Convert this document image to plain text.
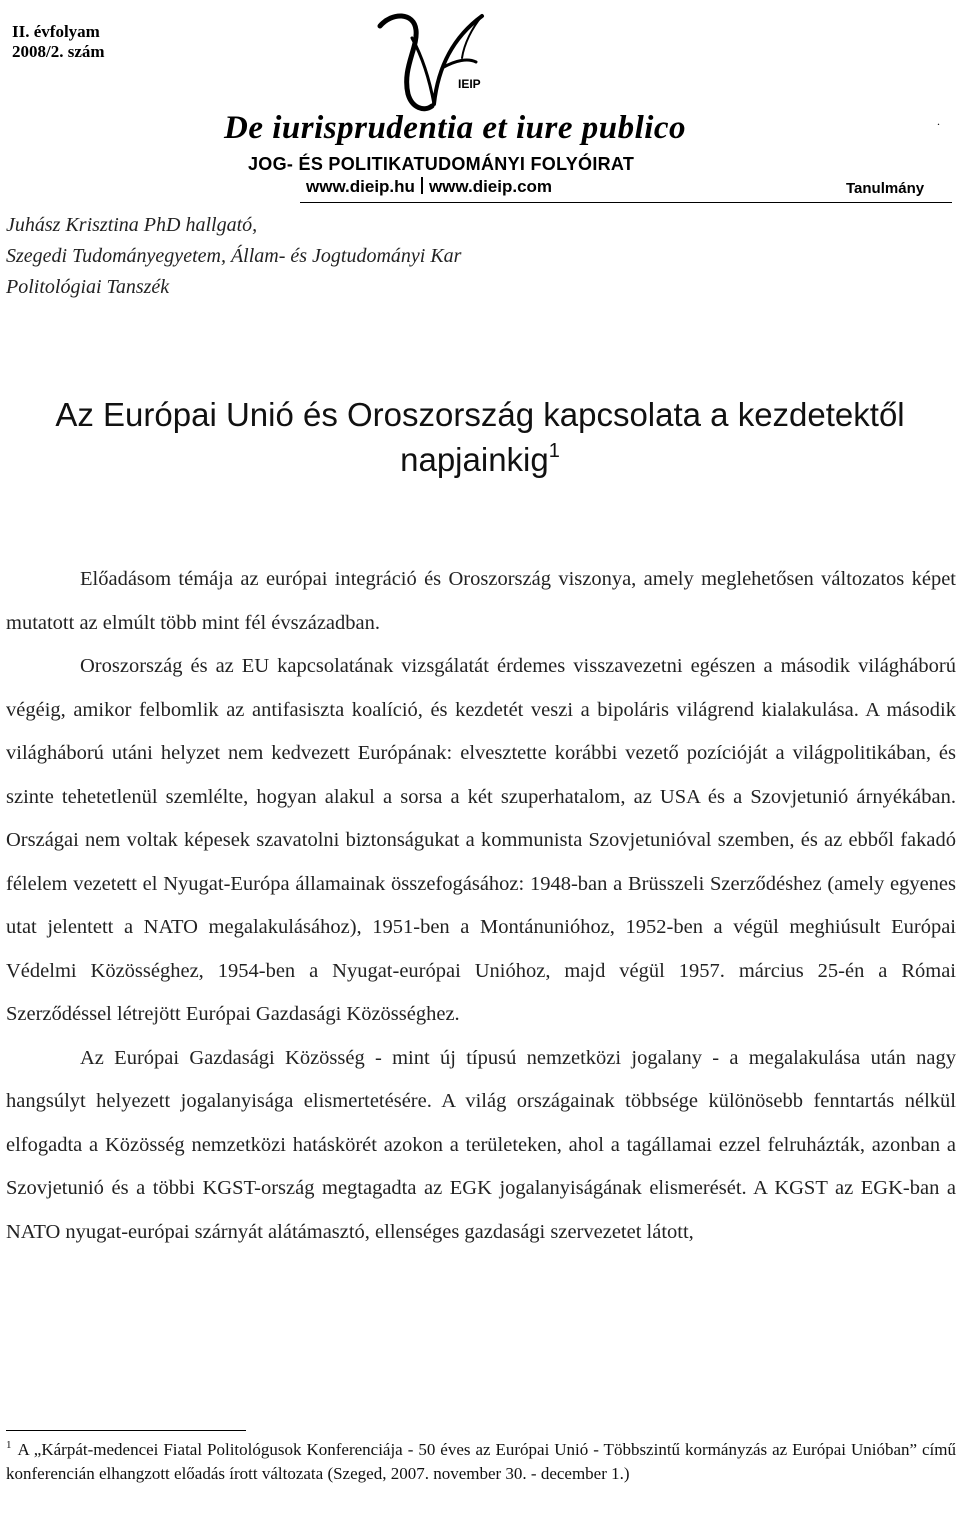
II. évfolyam
2008/2. szám
IEIP
De iurisprudentia et iure publico
JOG- ÉS POLITIKATUDOMÁNYI FOLYÓIRAT
www.dieip.hu www.dieip.com	Tanulmány
.
Juhász Krisztina PhD hallgató,
Szegedi Tudományegyetem, Állam- és Jogtudományi Kar
Politológiai Tanszék
Az Európai Unió és Oroszország kapcsolata a kezdetektől
napjainkig$^1$

Előadásom témája az európai integráció és Oroszország viszonya, amely meglehetősen változatos képet mutatott az elmúlt több mint fél évszázadban.

Oroszország és az EU kapcsolatának vizsgálatát érdemes visszavezetni egészen a második világháború végéig, amikor felbomlik az antifasiszta koalíció, és kezdetét veszi a bipoláris világrend kialakulása. A második világháború utáni helyzet nem kedvezett Európának: elvesztette korábbi vezető pozícióját a világpolitikában, és szinte tehetetlenül szemlélte, hogyan alakul a sorsa a két szuperhatalom, az USA és a Szovjetunió árnyékában. Országai nem voltak képesek szavatolni biztonságukat a kommunista Szovjetunióval szemben, és az ebből fakadó félelem vezetett el Nyugat-Európa államainak összefogásához: 1948-ban a Brüsszeli Szerződéshez (amely egyenes utat jelentett a NATO megalakulásához), 1951-ben a Montánunióhoz, 1952-ben a végül meghiúsult Európai Védelmi Közösséghez, 1954-ben a Nyugat-európai Unióhoz, majd végül 1957. március 25-én a Római Szerződéssel létrejött Európai Gazdasági Közösséghez.

Az Európai Gazdasági Közösség - mint új típusú nemzetközi jogalany - a megalakulása után nagy hangsúlyt helyezett jogalanyisága elismertetésére. A világ országainak többsége különösebb fenntartás nélkül elfogadta a Közösség nemzetközi hatáskörét azokon a területeken, ahol a tagállamai ezzel felruházták, azonban a Szovjetunió és a többi KGST-ország megtagadta az EGK jogalanyiságának elismerését. A KGST az EGK-ban a NATO nyugat-európai szárnyát alátámasztó, ellenséges gazdasági szervezetet látott,

$^1$ A „Kárpát-medencei Fiatal Politológusok Konferenciája - 50 éves az Európai Unió - Többszintű kormányzás az Európai Unióban” című konferencián elhangzott előadás írott változata (Szeged, 2007. november 30. - december 1.)
